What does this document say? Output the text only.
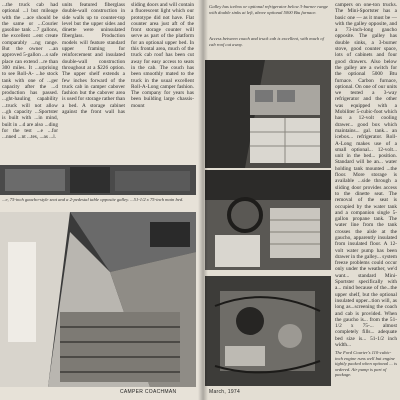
...the truck cab had optional ...l but mileage with the ...ace should be the same or ...Courier gasoline tank ...7 gallons, the excellent ...ent create comparably ...ng range. But the owner ...an approved 5-gallon ...s safe place can extend ...re than 300 miles. It ...urprising to see Roll-A- ...he stock tank with one of ...ger capacity after the ...d production has passed. ...ght-hauling capability ...truck will not allow ...gh capacity ...Sportster is built with ...in mind, built in ...d are also ...ding for the test ...e ...for ...nned ...nt ...tes, ...as ...l.
units featured fiberglass double-wall construction in side walls up to counter-top level but the upper sides and dinette were uninsulated fiberglass. Production models will feature standard upper framing for reinforcement and insulated double-wall construction throughout at a $226 option. The upper shelf extends a few inches forward of the truck cab in camper cabover fashion but the cabover area is used for storage rather than a bed. A storage cabinet against the front wall has sliding doors and will contain a fluorescent light which our prototype did not have. Flat counter area just aft of the front storage counter will serve as part of the platform for an optional upper bed. In this frontal area, much of the truck cab roof has been cut away for easy access to seats in the cab. The couch has been smoothly mated to the truck in the usual excellent Roll-A-Long camper fashion. The company for years has been building large chassis-mount
...e, 75-inch gaucho-style seat and a 2-pedestal table opposite galley. ...51-1/2 x 75-inch main bed.
CAMPER COACHMAN
Galley has icebox or optional refrigerator below 3-burner range with double sinks at left, above optional 5000 Btu furnace.
Access between coach and truck cab is excellent, with much of cab roof cut away.
campers on one-ton trucks. The Mini-Sportster has a basic one — as it must be — with the galley opposite, and a 73-inch-long gaucho opposite. The galley has double sinks, a 3-burner stove, good counter space, lots of cabinets and four good drawers. Also below the galley are a switch for the optional 5000 Btu furnace. Carbon furnace, optional. On one of our units we tested a 3-way refrigerator and the other was equipped with a Mobiliter 5-cubic-foot which has a 12-volt cooling drawer... good box which maintains... gal. tank... an icebox... refrigerator. Roll-A-Long makes use of a small optional... 12-volt... unit in the bed... position. Standard will be an... water holding tank mounted ...the floor. More storage is available ...side through a sliding door provides access to the dinette seat. The removal of the seat is occupied by the water tank and a companion single 5-gallon propane tank. The water line from the tank crosses the aisle at the gaucho, apparently insulated from insulated floor. A 12-volt water pump has been drawer in the galley... system freeze problems could occur only under the weather, we'd want... standard Mini-Sportster specifically with a... mind because of the...the upper shelf, but the optional insulated upper...tion will, as long as...screening the coach and cab is provided. When the gaucho is... from the 51-1/2 x 75-... almost completely fills... adequate bed size is... 51-1/2 inch width...
The Ford Courier's 110-cubic-inch engine runs well but engine tightly packed when optional ... is ordered. Air pump is part of package.
March, 1974
